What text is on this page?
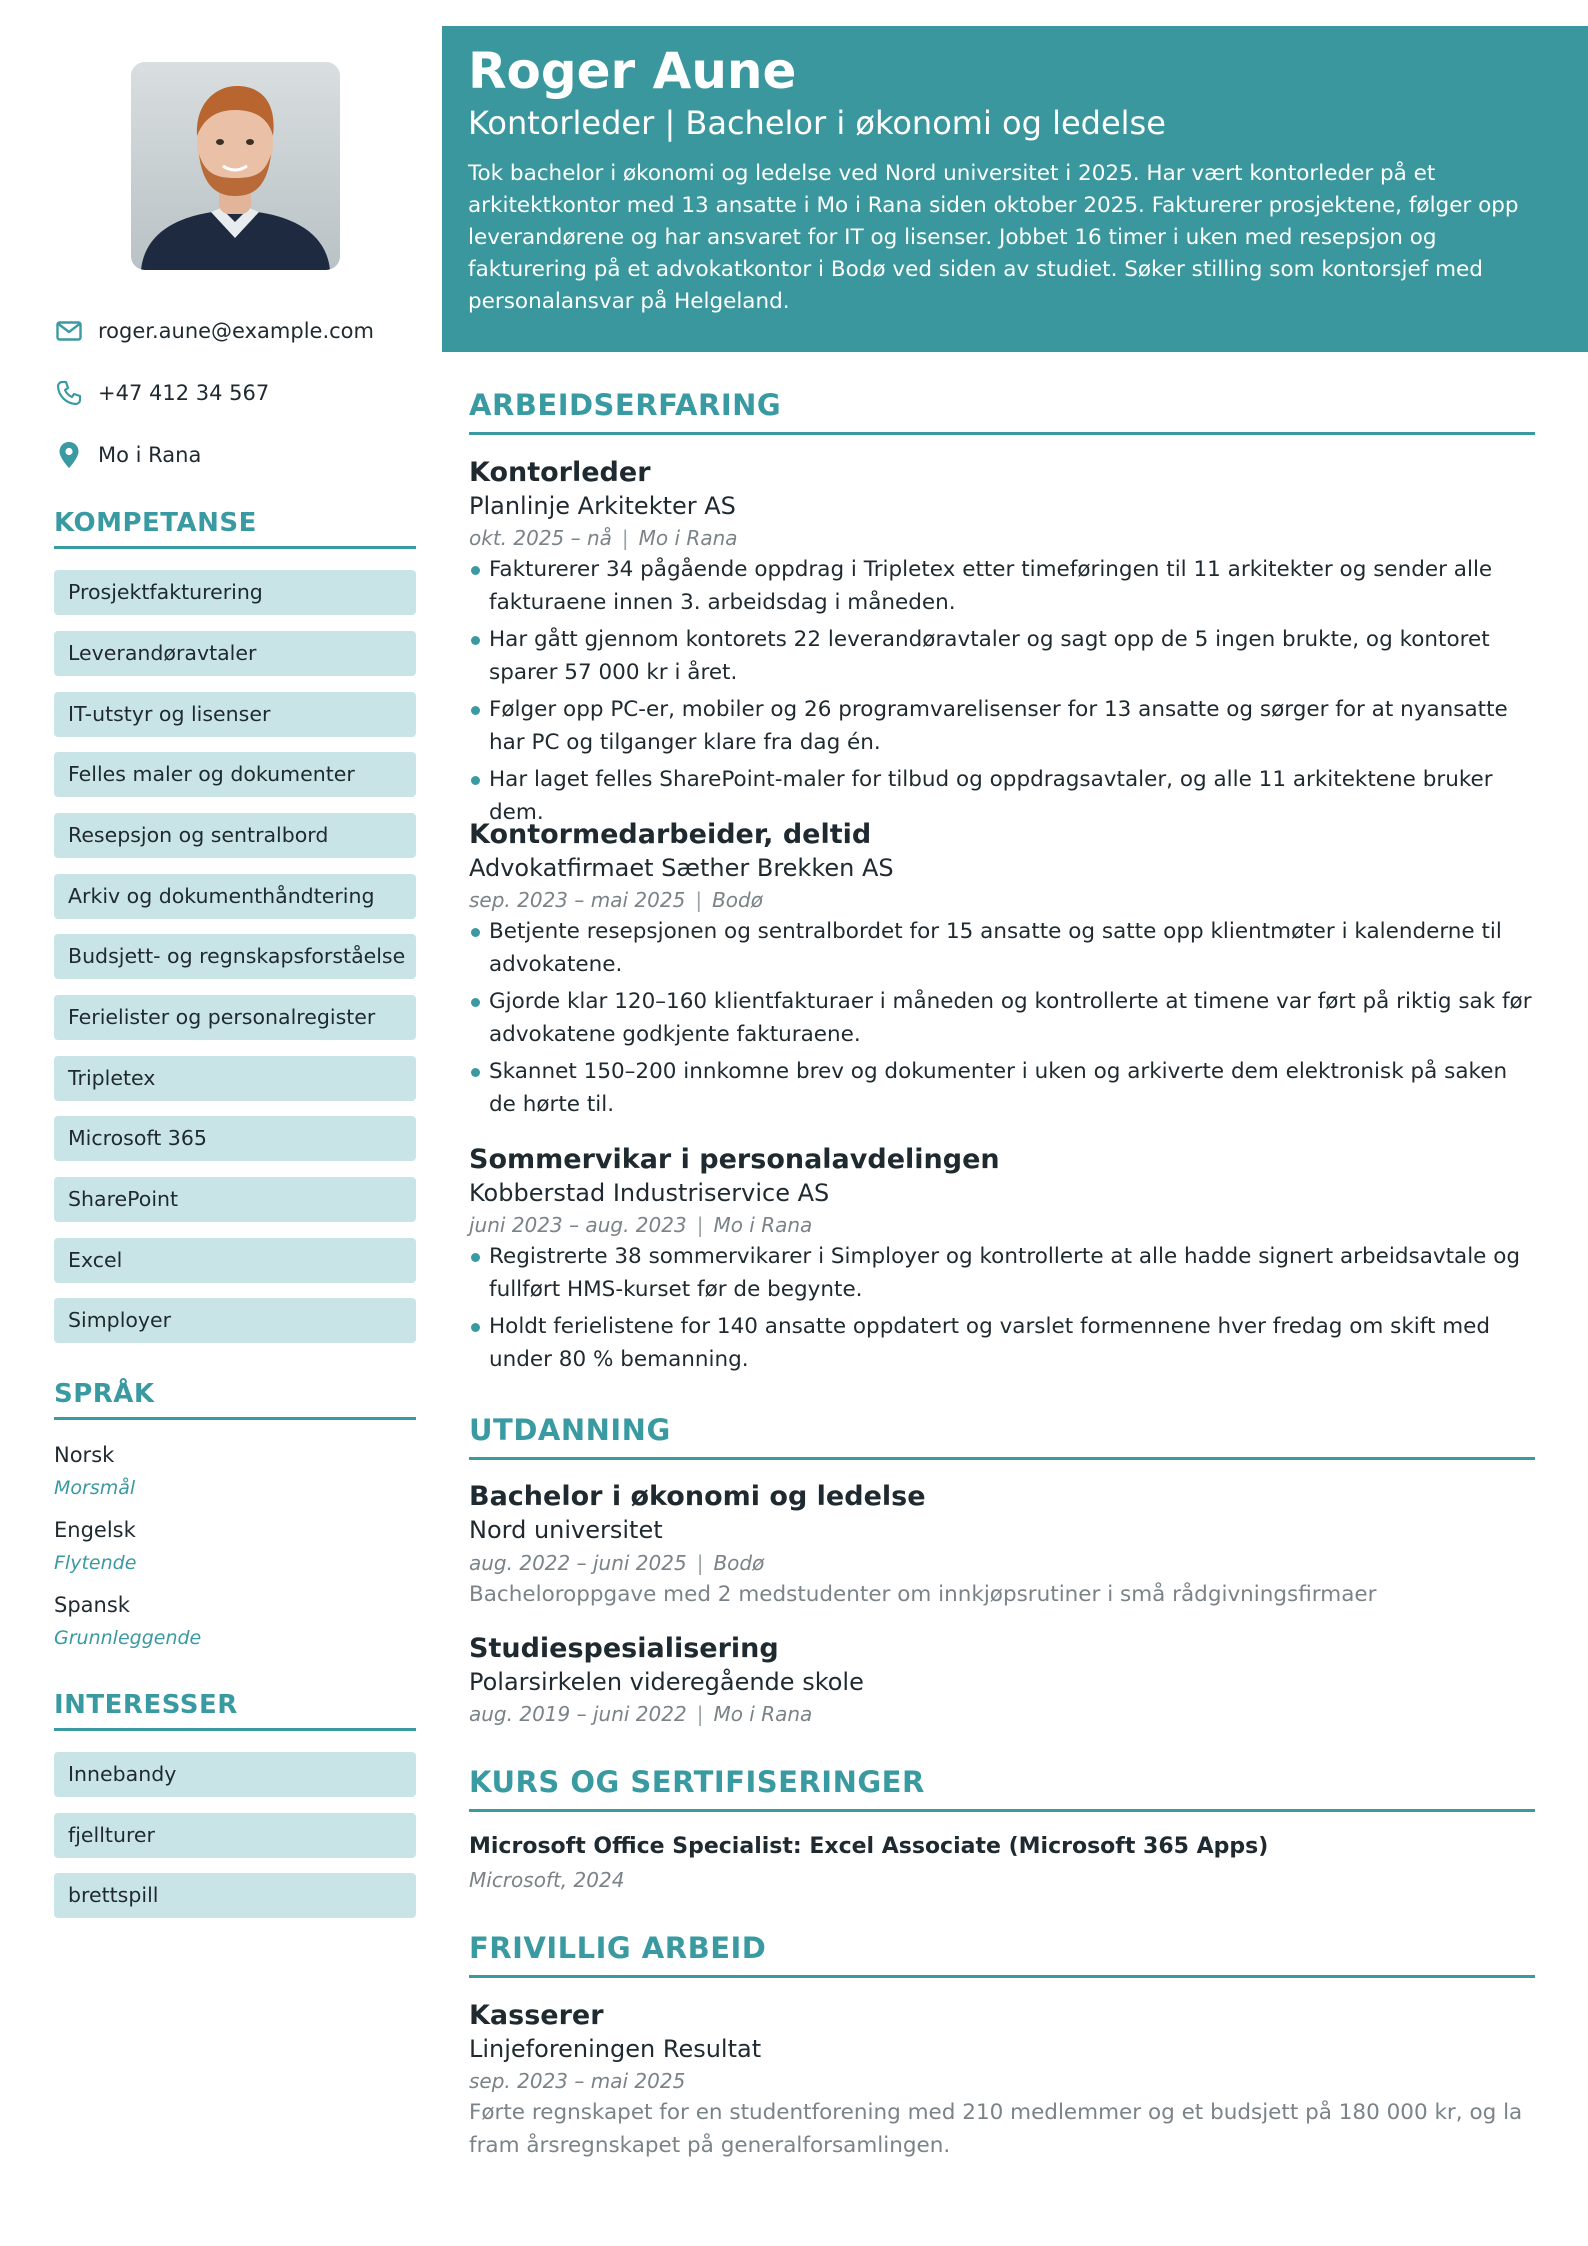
roger.aune@example.com
+47 412 34 567
Mo i Rana
KOMPETANSE
Prosjektfakturering
Leverandøravtaler
IT-utstyr og lisenser
Felles maler og dokumenter
Resepsjon og sentralbord
Arkiv og dokumenthåndtering
Budsjett- og regnskapsforståelse
Ferielister og personalregister
Tripletex
Microsoft 365
SharePoint
Excel
Simployer
SPRÅK
Norsk
Morsmål
Engelsk
Flytende
Spansk
Grunnleggende
INTERESSER
Innebandy
fjellturer
brettspill
Roger Aune
Kontorleder | Bachelor i økonomi og ledelse
Tok bachelor i økonomi og ledelse ved Nord universitet i 2025. Har vært kontorleder på et arkitektkontor med 13 ansatte i Mo i Rana siden oktober 2025. Fakturerer prosjektene, følger opp leverandørene og har ansvaret for IT og lisenser. Jobbet 16 timer i uken med resepsjon og fakturering på et advokatkontor i Bodø ved siden av studiet. Søker stilling som kontorsjef med personalansvar på Helgeland.
ARBEIDSERFARING
Kontorleder
Planlinje Arkitekter AS
okt. 2025 – nå | Mo i Rana
Fakturerer 34 pågående oppdrag i Tripletex etter timeføringen til 11 arkitekter og sender alle fakturaene innen 3. arbeidsdag i måneden.
Har gått gjennom kontorets 22 leverandøravtaler og sagt opp de 5 ingen brukte, og kontoret sparer 57 000 kr i året.
Følger opp PC-er, mobiler og 26 programvarelisenser for 13 ansatte og sørger for at nyansatte har PC og tilganger klare fra dag én.
Har laget felles SharePoint-maler for tilbud og oppdragsavtaler, og alle 11 arkitektene bruker dem.
Kontormedarbeider, deltid
Advokatfirmaet Sæther Brekken AS
sep. 2023 – mai 2025 | Bodø
Betjente resepsjonen og sentralbordet for 15 ansatte og satte opp klientmøter i kalenderne til advokatene.
Gjorde klar 120–160 klientfakturaer i måneden og kontrollerte at timene var ført på riktig sak før advokatene godkjente fakturaene.
Skannet 150–200 innkomne brev og dokumenter i uken og arkiverte dem elektronisk på saken de hørte til.
Sommervikar i personalavdelingen
Kobberstad Industriservice AS
juni 2023 – aug. 2023 | Mo i Rana
Registrerte 38 sommervikarer i Simployer og kontrollerte at alle hadde signert arbeidsavtale og fullført HMS-kurset før de begynte.
Holdt ferielistene for 140 ansatte oppdatert og varslet formennene hver fredag om skift med under 80 % bemanning.
UTDANNING
Bachelor i økonomi og ledelse
Nord universitet
aug. 2022 – juni 2025 | Bodø
Bacheloroppgave med 2 medstudenter om innkjøpsrutiner i små rådgivningsfirmaer
Studiespesialisering
Polarsirkelen videregående skole
aug. 2019 – juni 2022 | Mo i Rana
KURS OG SERTIFISERINGER
Microsoft Office Specialist: Excel Associate (Microsoft 365 Apps)
Microsoft, 2024
FRIVILLIG ARBEID
Kasserer
Linjeforeningen Resultat
sep. 2023 – mai 2025
Førte regnskapet for en studentforening med 210 medlemmer og et budsjett på 180 000 kr, og la fram årsregnskapet på generalforsamlingen.
